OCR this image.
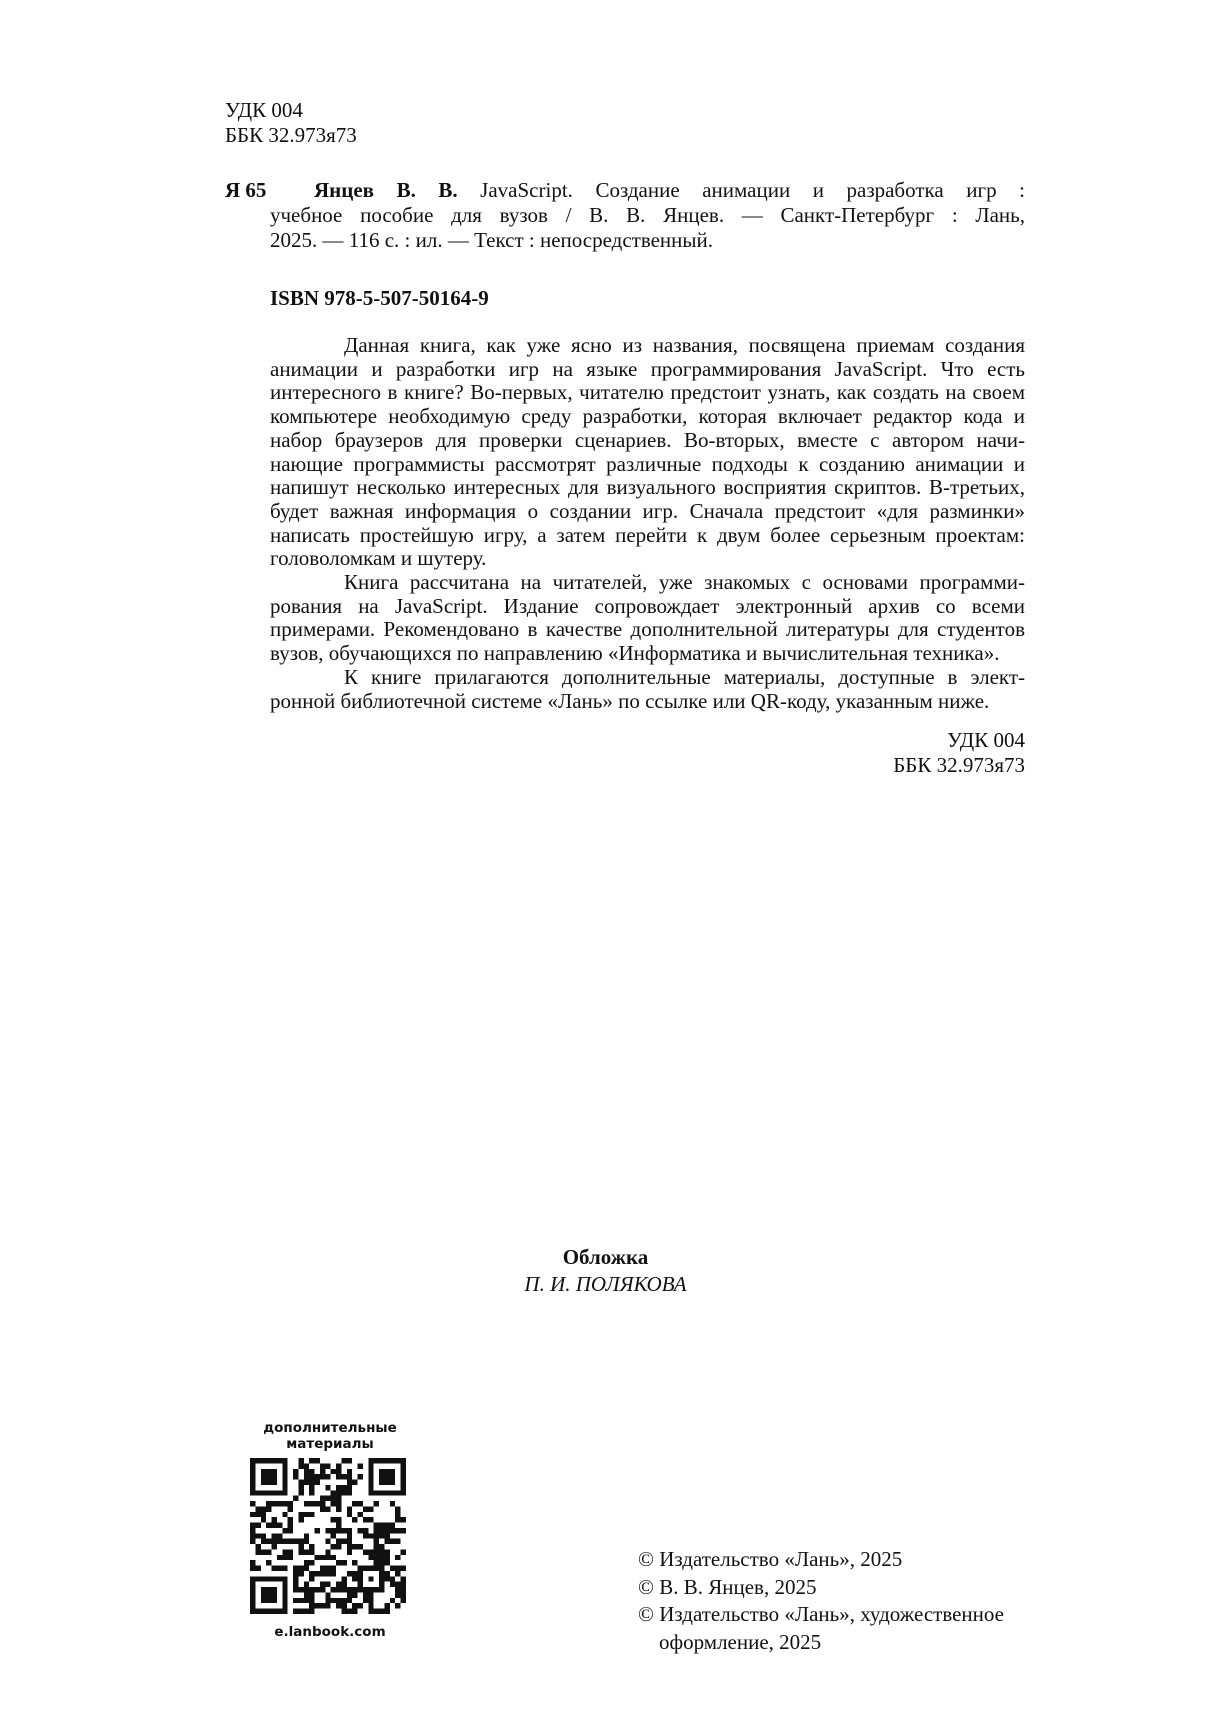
УДК 004
ББК 32.973я73
Я 65	Янцев В. В. JavaScript. Создание анимации и разработка игр :
учебное пособие для вузов / В. В. Янцев. — Санкт-Петербург : Лань,
2025. — 116 с. : ил. — Текст : непосредственный.
ISBN 978-5-507-50164-9
Данная книга, как уже ясно из названия, посвящена приемам создания
анимации и разработки игр на языке программирования JavaScript. Что есть
интересного в книге? Во-первых, читателю предстоит узнать, как создать на своем
компьютере необходимую среду разработки, которая включает редактор кода и
набор браузеров для проверки сценариев. Во-вторых, вместе с автором начи-
нающие программисты рассмотрят различные подходы к созданию анимации и
напишут несколько интересных для визуального восприятия скриптов. В-третьих,
будет важная информация о создании игр. Сначала предстоит «для разминки»
написать простейшую игру, а затем перейти к двум более серьезным проектам:
головоломкам и шутеру.
Книга рассчитана на читателей, уже знакомых с основами программи-
рования на JavaScript. Издание сопровождает электронный архив со всеми
примерами. Рекомендовано в качестве дополнительной литературы для студентов
вузов, обучающихся по направлению «Информатика и вычислительная техника».
К книге прилагаются дополнительные материалы, доступные в элект-
ронной библиотечной системе «Лань» по ссылке или QR-коду, указанным ниже.
УДК 004
ББК 32.973я73
Обложка
П. И. ПОЛЯКОВА
дополнительные
материалы
e.lanbook.com
© Издательство «Лань», 2025
© В. В. Янцев, 2025
© Издательство «Лань», художественное
оформление, 2025
